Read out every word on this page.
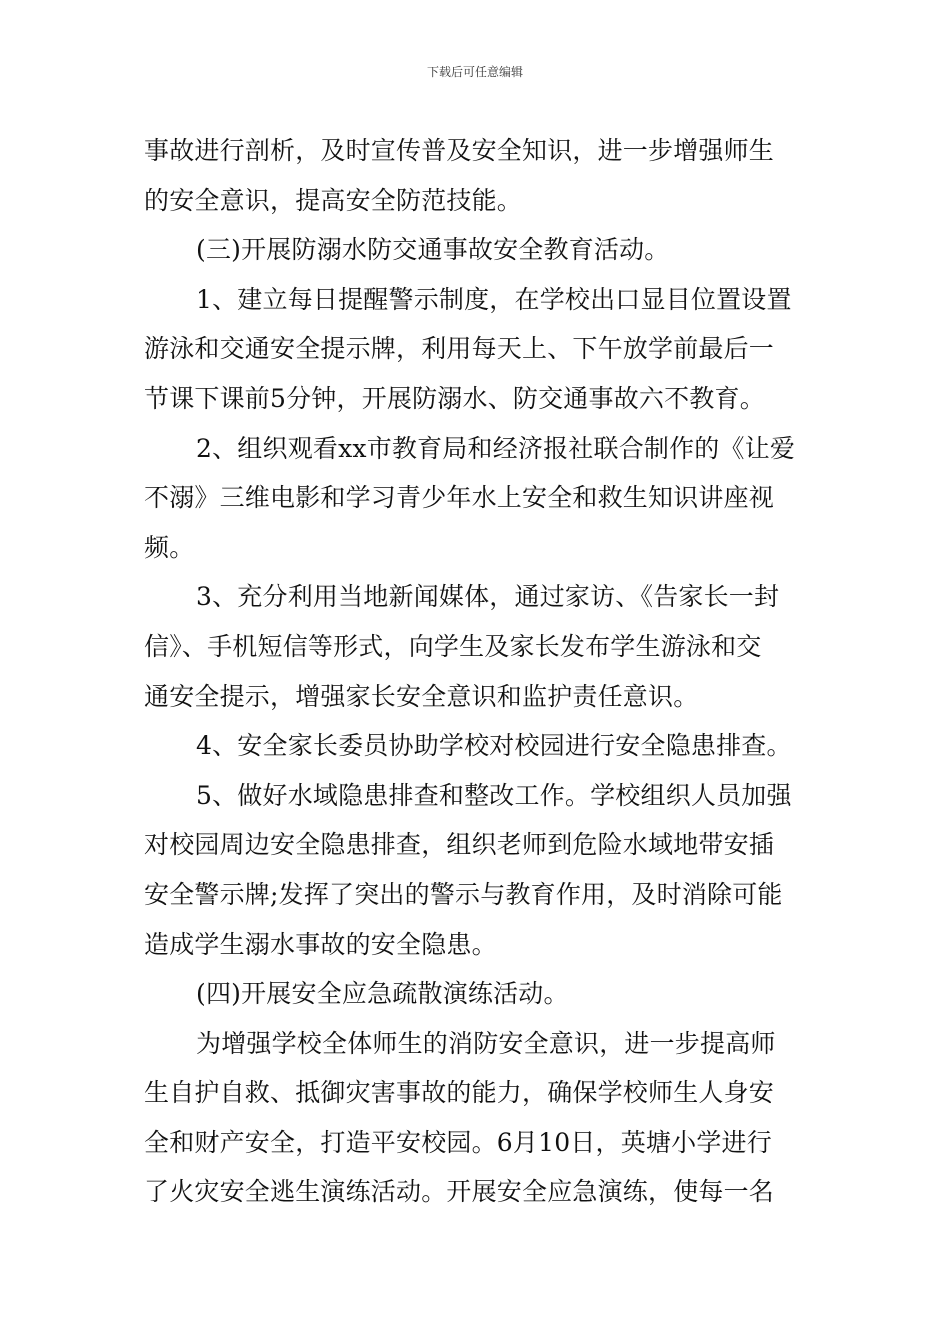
下载后可任意编辑
事故进行剖析，及时宣传普及安全知识，进一步增强师生
的安全意识，提高安全防范技能。
(三)开展防溺水防交通事故安全教育活动。
1、建立每日提醒警示制度，在学校出口显目位置设置
游泳和交通安全提示牌，利用每天上、下午放学前最后一
节课下课前5分钟，开展防溺水、防交通事故六不教育。
2、组织观看xx市教育局和经济报社联合制作的《让爱
不溺》三维电影和学习青少年水上安全和救生知识讲座视
频。
3、充分利用当地新闻媒体，通过家访、《告家长一封
信》、手机短信等形式，向学生及家长发布学生游泳和交
通安全提示，增强家长安全意识和监护责任意识。
4、安全家长委员协助学校对校园进行安全隐患排查。
5、做好水域隐患排查和整改工作。学校组织人员加强
对校园周边安全隐患排查，组织老师到危险水域地带安插
安全警示牌;发挥了突出的警示与教育作用，及时消除可能
造成学生溺水事故的安全隐患。
(四)开展安全应急疏散演练活动。
为增强学校全体师生的消防安全意识，进一步提高师
生自护自救、抵御灾害事故的能力，确保学校师生人身安
全和财产安全，打造平安校园。6月10日，英塘小学进行
了火灾安全逃生演练活动。开展安全应急演练，使每一名
